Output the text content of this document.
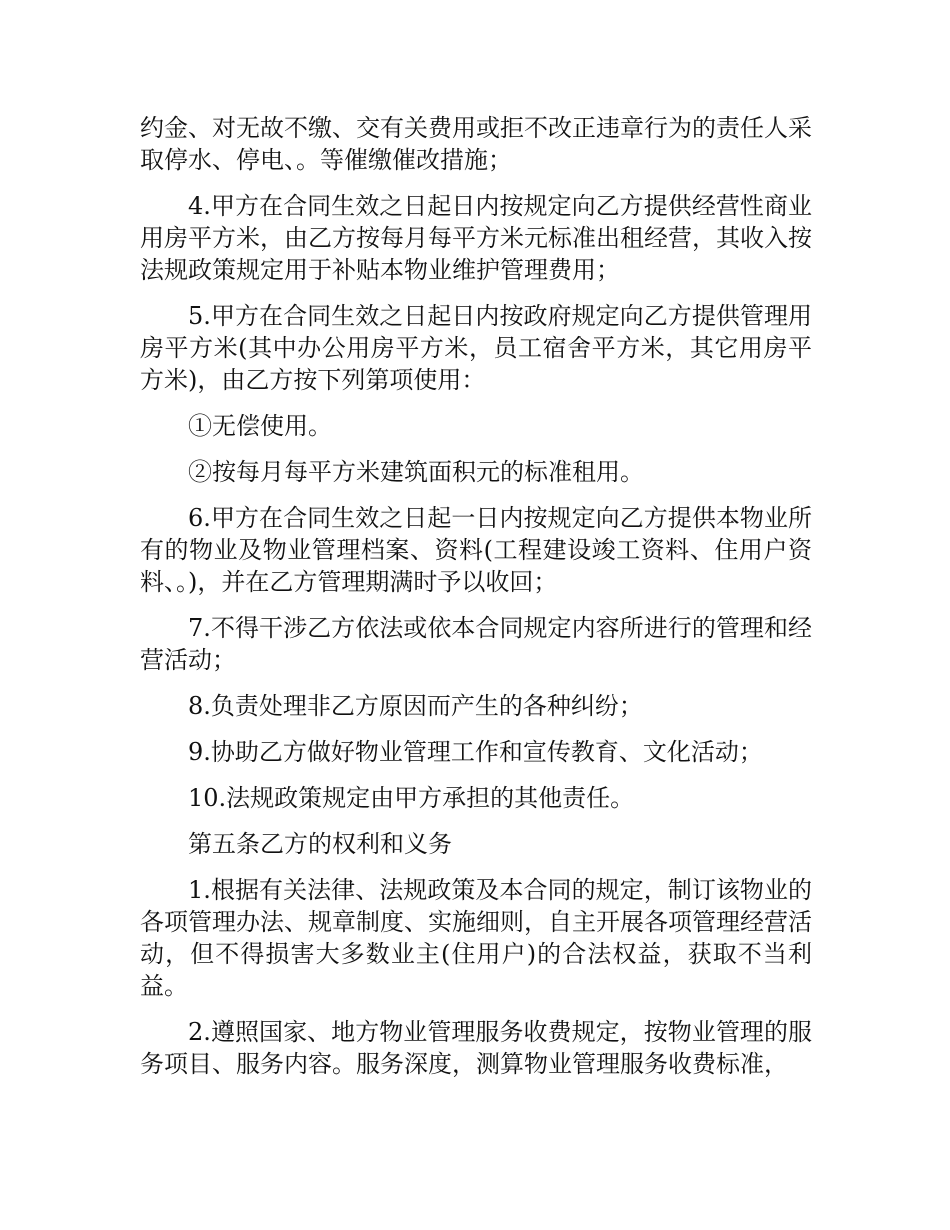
约金、对无故不缴、交有关费用或拒不改正违章行为的责任人采取停水、停电、。等催缴催改措施；

4.甲方在合同生效之日起日内按规定向乙方提供经营性商业用房平方米，由乙方按每月每平方米元标准出租经营，其收入按法规政策规定用于补贴本物业维护管理费用；

5.甲方在合同生效之日起日内按政府规定向乙方提供管理用房平方米(其中办公用房平方米，员工宿舍平方米，其它用房平方米)，由乙方按下列第项使用：

①无偿使用。

②按每月每平方米建筑面积元的标准租用。

6.甲方在合同生效之日起一日内按规定向乙方提供本物业所有的物业及物业管理档案、资料(工程建设竣工资料、住用户资料、。)，并在乙方管理期满时予以收回；

7.不得干涉乙方依法或依本合同规定内容所进行的管理和经营活动；

8.负责处理非乙方原因而产生的各种纠纷；

9.协助乙方做好物业管理工作和宣传教育、文化活动；

10.法规政策规定由甲方承担的其他责任。

第五条乙方的权利和义务

1.根据有关法律、法规政策及本合同的规定，制订该物业的各项管理办法、规章制度、实施细则，自主开展各项管理经营活动，但不得损害大多数业主(住用户)的合法权益，获取不当利益。

2.遵照国家、地方物业管理服务收费规定，按物业管理的服务项目、服务内容。服务深度，测算物业管理服务收费标准，
